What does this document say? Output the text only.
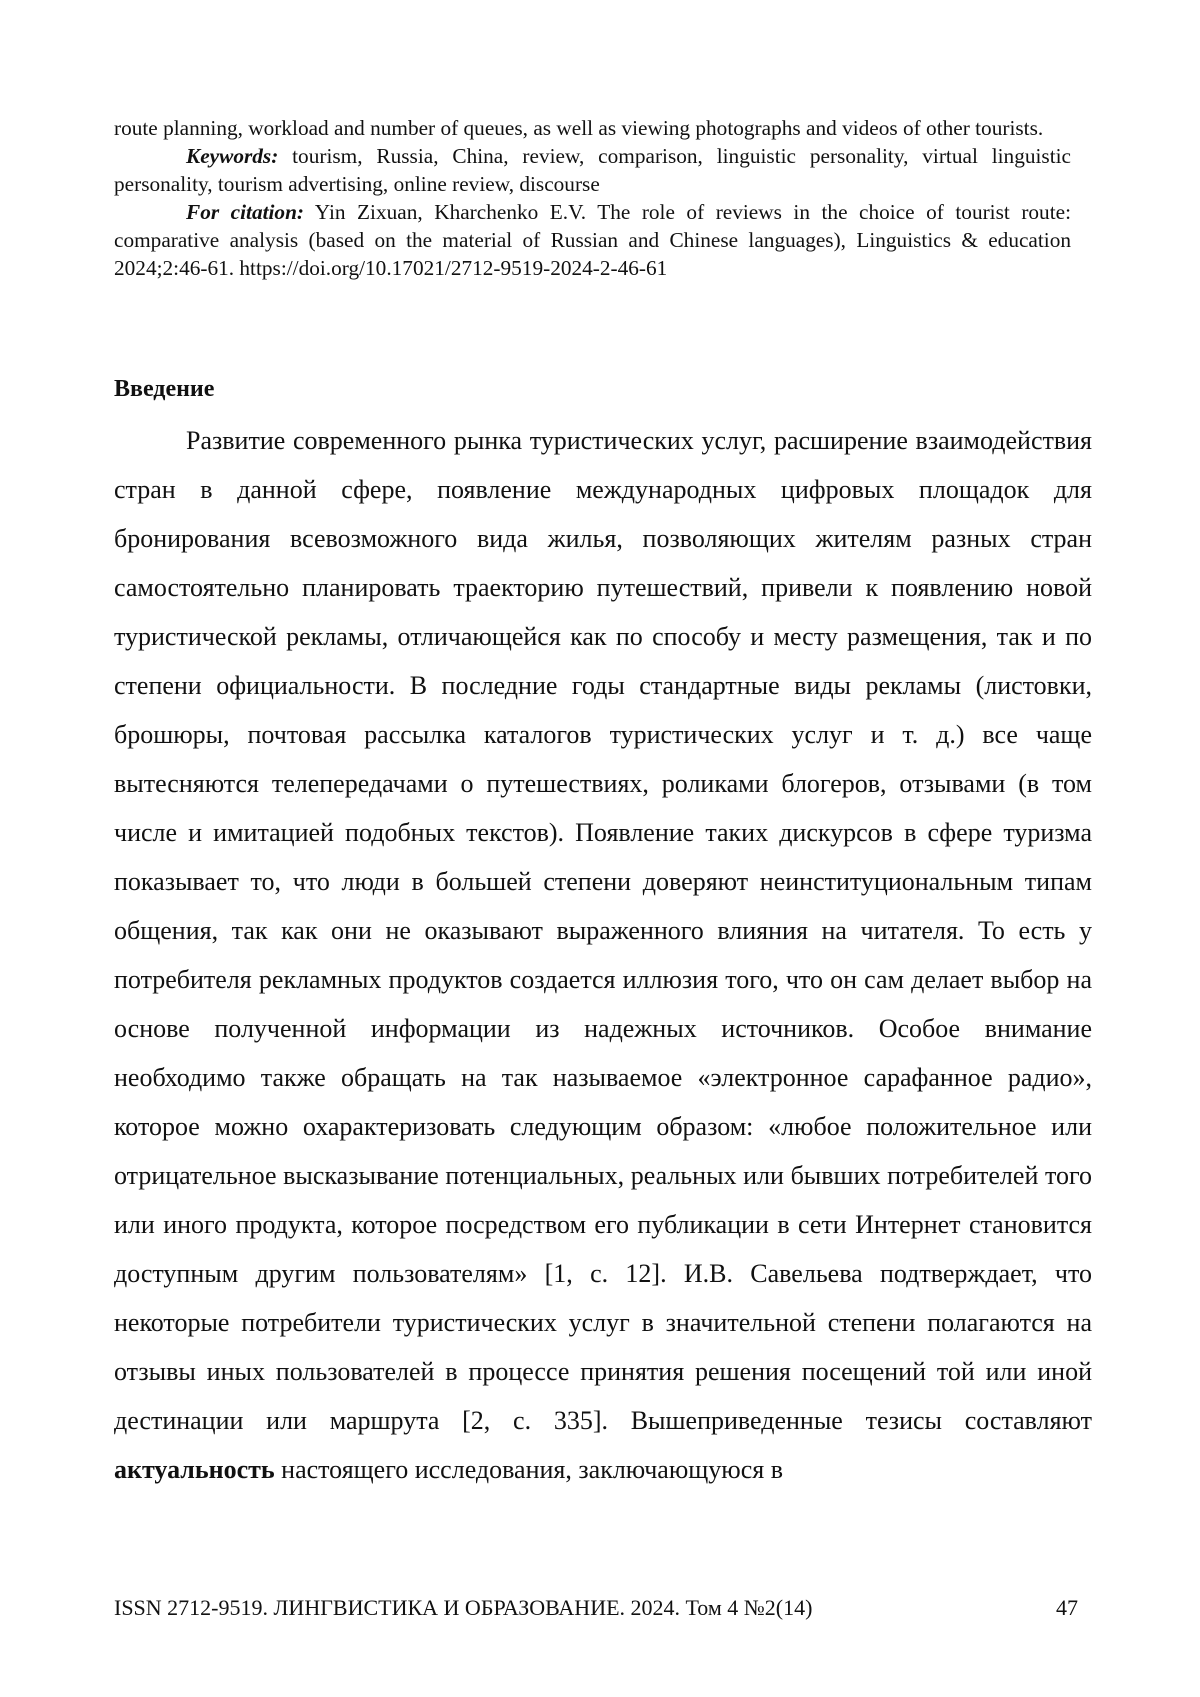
route planning, workload and number of queues, as well as viewing photographs and videos of other tourists.

Keywords: tourism, Russia, China, review, comparison, linguistic personality, virtual linguistic personality, tourism advertising, online review, discourse

For citation: Yin Zixuan, Kharchenko E.V. The role of reviews in the choice of tourist route: comparative analysis (based on the material of Russian and Chinese languages), Linguistics & education 2024;2:46-61. https://doi.org/10.17021/2712-9519-2024-2-46-61

Введение

Развитие современного рынка туристических услуг, расширение взаимодействия стран в данной сфере, появление международных цифровых площадок для бронирования всевозможного вида жилья, позволяющих жителям разных стран самостоятельно планировать траекторию путешествий, привели к появлению новой туристической рекламы, отличающейся как по способу и месту размещения, так и по степени официальности. В последние годы стандартные виды рекламы (листовки, брошюры, почтовая рассылка каталогов туристических услуг и т. д.) все чаще вытесняются телепередачами о путешествиях, роликами блогеров, отзывами (в том числе и имитацией подобных текстов). Появление таких дискурсов в сфере туризма показывает то, что люди в большей степени доверяют неинституциональным типам общения, так как они не оказывают выраженного влияния на читателя. То есть у потребителя рекламных продуктов создается иллюзия того, что он сам делает выбор на основе полученной информации из надежных источников. Особое внимание необходимо также обращать на так называемое «электронное сарафанное радио», которое можно охарактеризовать следующим образом: «любое положительное или отрицательное высказывание потенциальных, реальных или бывших потребителей того или иного продукта, которое посредством его публикации в сети Интернет становится доступным другим пользователям» [1, с. 12]. И.В. Савельева подтверждает, что некоторые потребители туристических услуг в значительной степени полагаются на отзывы иных пользователей в процессе принятия решения посещений той или иной дестинации или маршрута [2, с. 335]. Вышеприведенные тезисы составляют актуальность настоящего исследования, заключающуюся в

ISSN 2712-9519. ЛИНГВИСТИКА И ОБРАЗОВАНИЕ. 2024. Том 4 №2(14)	47
